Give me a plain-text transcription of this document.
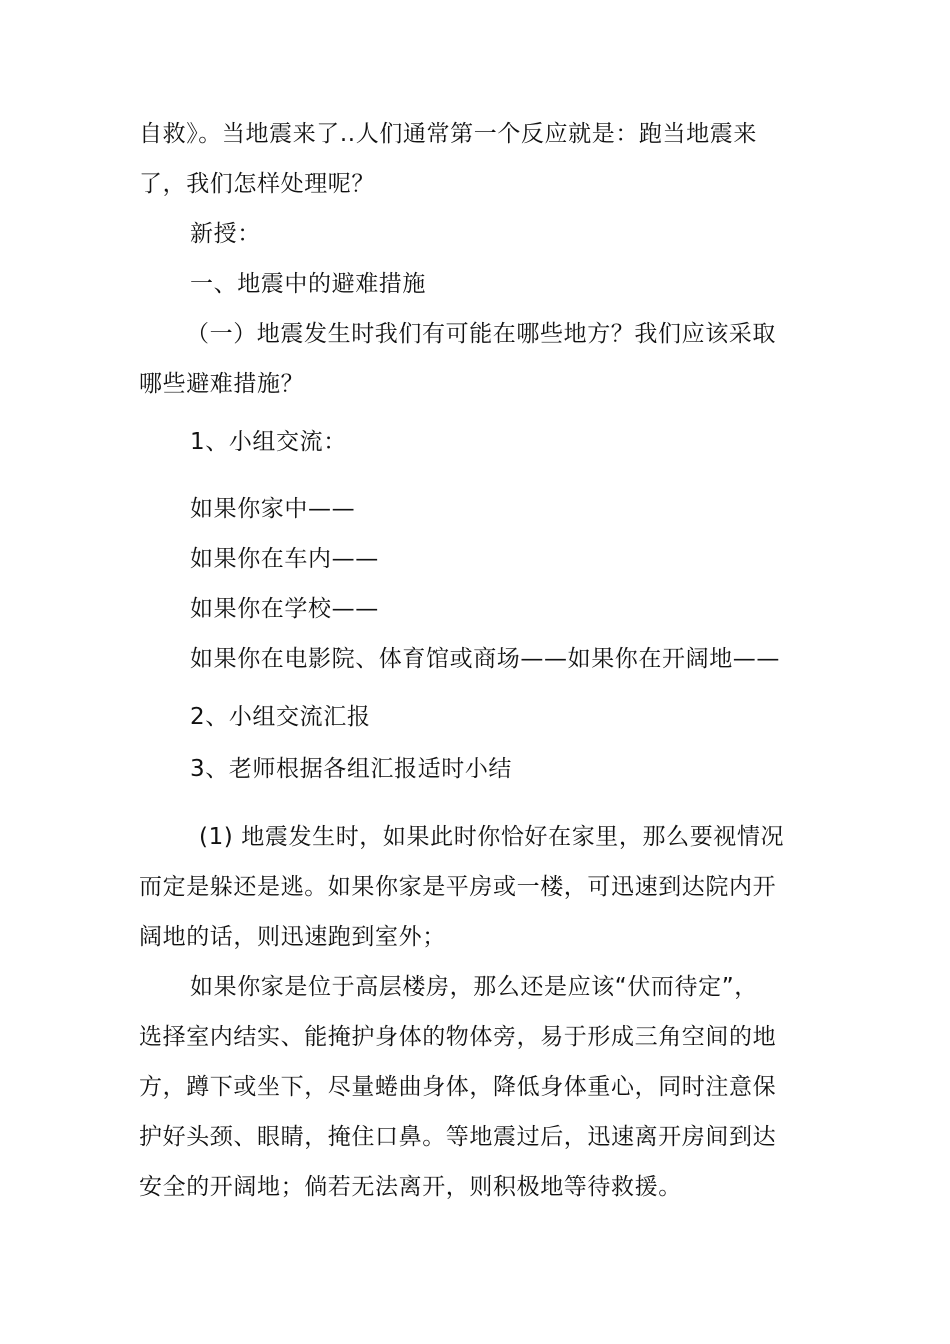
自救》。当地震来了..人们通常第一个反应就是：跑当地震来
了，我们怎样处理呢？
新授：
一、地震中的避难措施
（一）地震发生时我们有可能在哪些地方？我们应该采取
哪些避难措施？
1、小组交流：
如果你家中——
如果你在车内——
如果你在学校——
如果你在电影院、体育馆或商场——如果你在开阔地——
2、小组交流汇报
3、老师根据各组汇报适时小结
(1) 地震发生时，如果此时你恰好在家里，那么要视情况
而定是躲还是逃。如果你家是平房或一楼，可迅速到达院内开
阔地的话，则迅速跑到室外；
如果你家是位于高层楼房，那么还是应该“伏而待定”，
选择室内结实、能掩护身体的物体旁，易于形成三角空间的地
方，蹲下或坐下，尽量蜷曲身体，降低身体重心，同时注意保
护好头颈、眼睛，掩住口鼻。等地震过后，迅速离开房间到达
安全的开阔地；倘若无法离开，则积极地等待救援。
